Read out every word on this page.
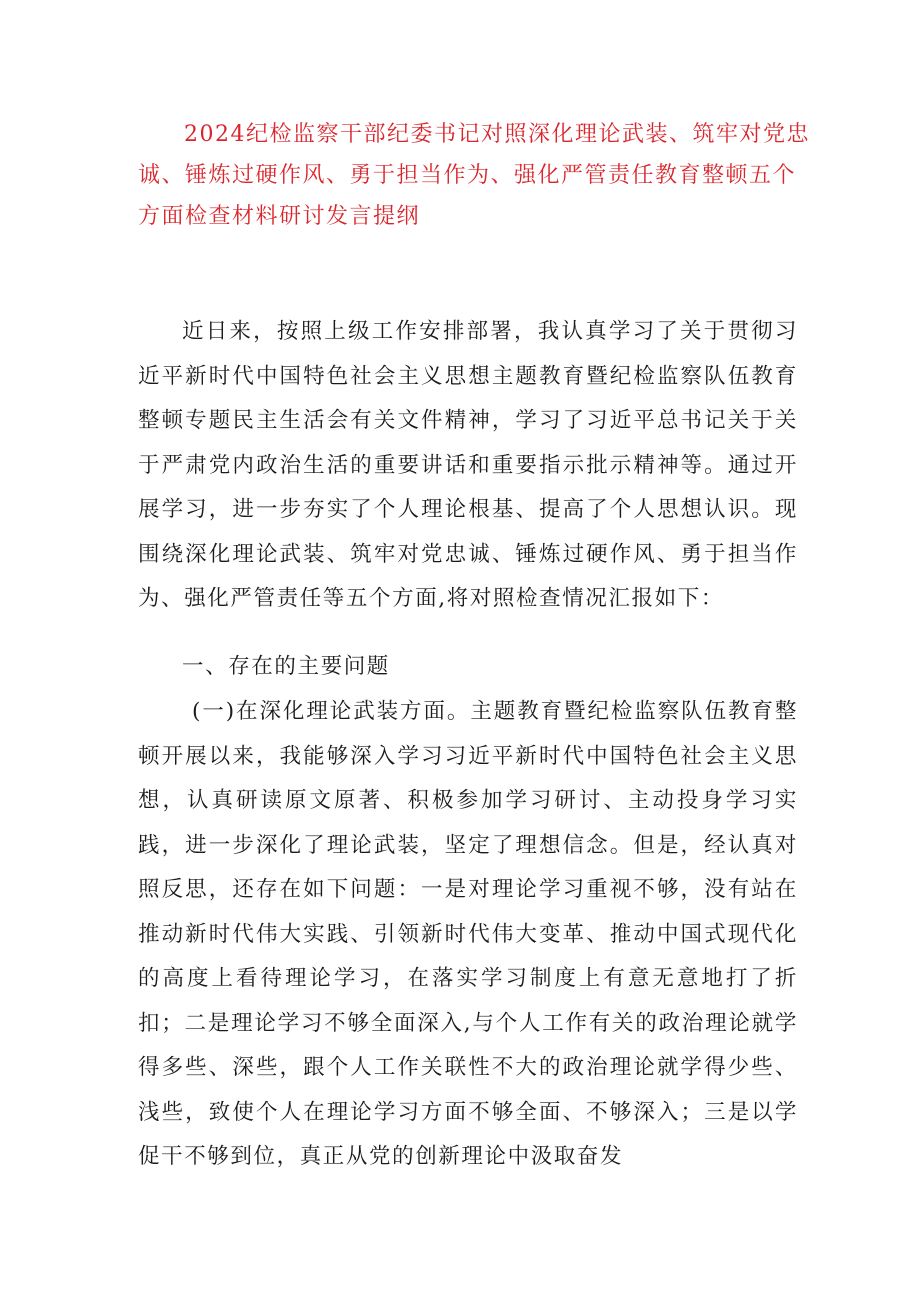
2024纪检监察干部纪委书记对照深化理论武装、筑牢对党忠诚、锤炼过硬作风、勇于担当作为、强化严管责任教育整顿五个方面检查材料研讨发言提纲

近日来，按照上级工作安排部署，我认真学习了关于贯彻习近平新时代中国特色社会主义思想主题教育暨纪检监察队伍教育整顿专题民主生活会有关文件精神，学习了习近平总书记关于关于严肃党内政治生活的重要讲话和重要指示批示精神等。通过开展学习，进一步夯实了个人理论根基、提高了个人思想认识。现围绕深化理论武装、筑牢对党忠诚、锤炼过硬作风、勇于担当作为、强化严管责任等五个方面,将对照检查情况汇报如下：

一、存在的主要问题

(一)在深化理论武装方面。主题教育暨纪检监察队伍教育整顿开展以来，我能够深入学习习近平新时代中国特色社会主义思想，认真研读原文原著、积极参加学习研讨、主动投身学习实践，进一步深化了理论武装，坚定了理想信念。但是，经认真对照反思，还存在如下问题：一是对理论学习重视不够，没有站在推动新时代伟大实践、引领新时代伟大变革、推动中国式现代化的高度上看待理论学习，在落实学习制度上有意无意地打了折扣；二是理论学习不够全面深入,与个人工作有关的政治理论就学得多些、深些，跟个人工作关联性不大的政治理论就学得少些、浅些，致使个人在理论学习方面不够全面、不够深入；三是以学促干不够到位，真正从党的创新理论中汲取奋发
